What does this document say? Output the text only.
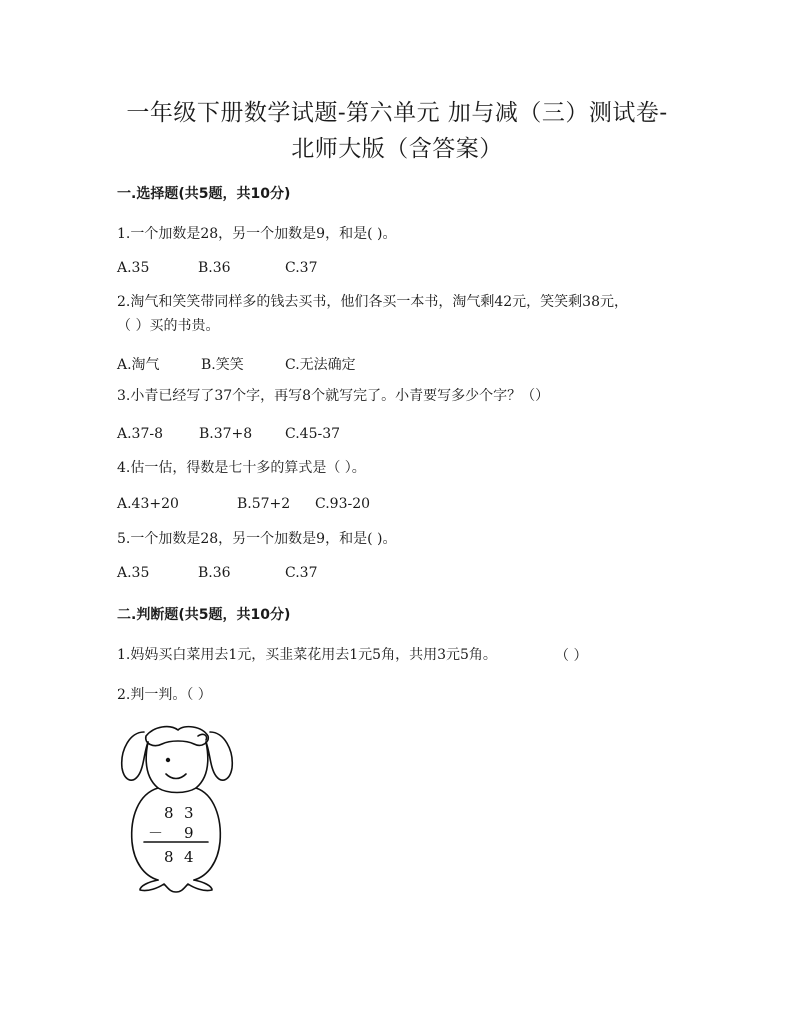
一年级下册数学试题-第六单元 加与减（三）测试卷-
北师大版（含答案）
一.选择题(共5题，共10分)
1.一个加数是28，另一个加数是9，和是( )。
A.35	B.36	C.37
2.淘气和笑笑带同样多的钱去买书，他们各买一本书，淘气剩42元，笑笑剩38元，
（ ）买的书贵。
A.淘气	B.笑笑	C.无法确定
3.小青已经写了37个字，再写8个就写完了。小青要写多少个字？（）
A.37-8	B.37+8 C.45-37
4.估一估，得数是七十多的算式是（ ）。
A.43+20	B.57+2 C.93-20
5.一个加数是28，另一个加数是9，和是( )。
A.35	B.36	C.37
二.判断题(共5题，共10分)
1.妈妈买白菜用去1元，买韭菜花用去1元5角，共用3元5角。	（ ）
2.判一判。（ ）
8 3
－ 9
8 4
